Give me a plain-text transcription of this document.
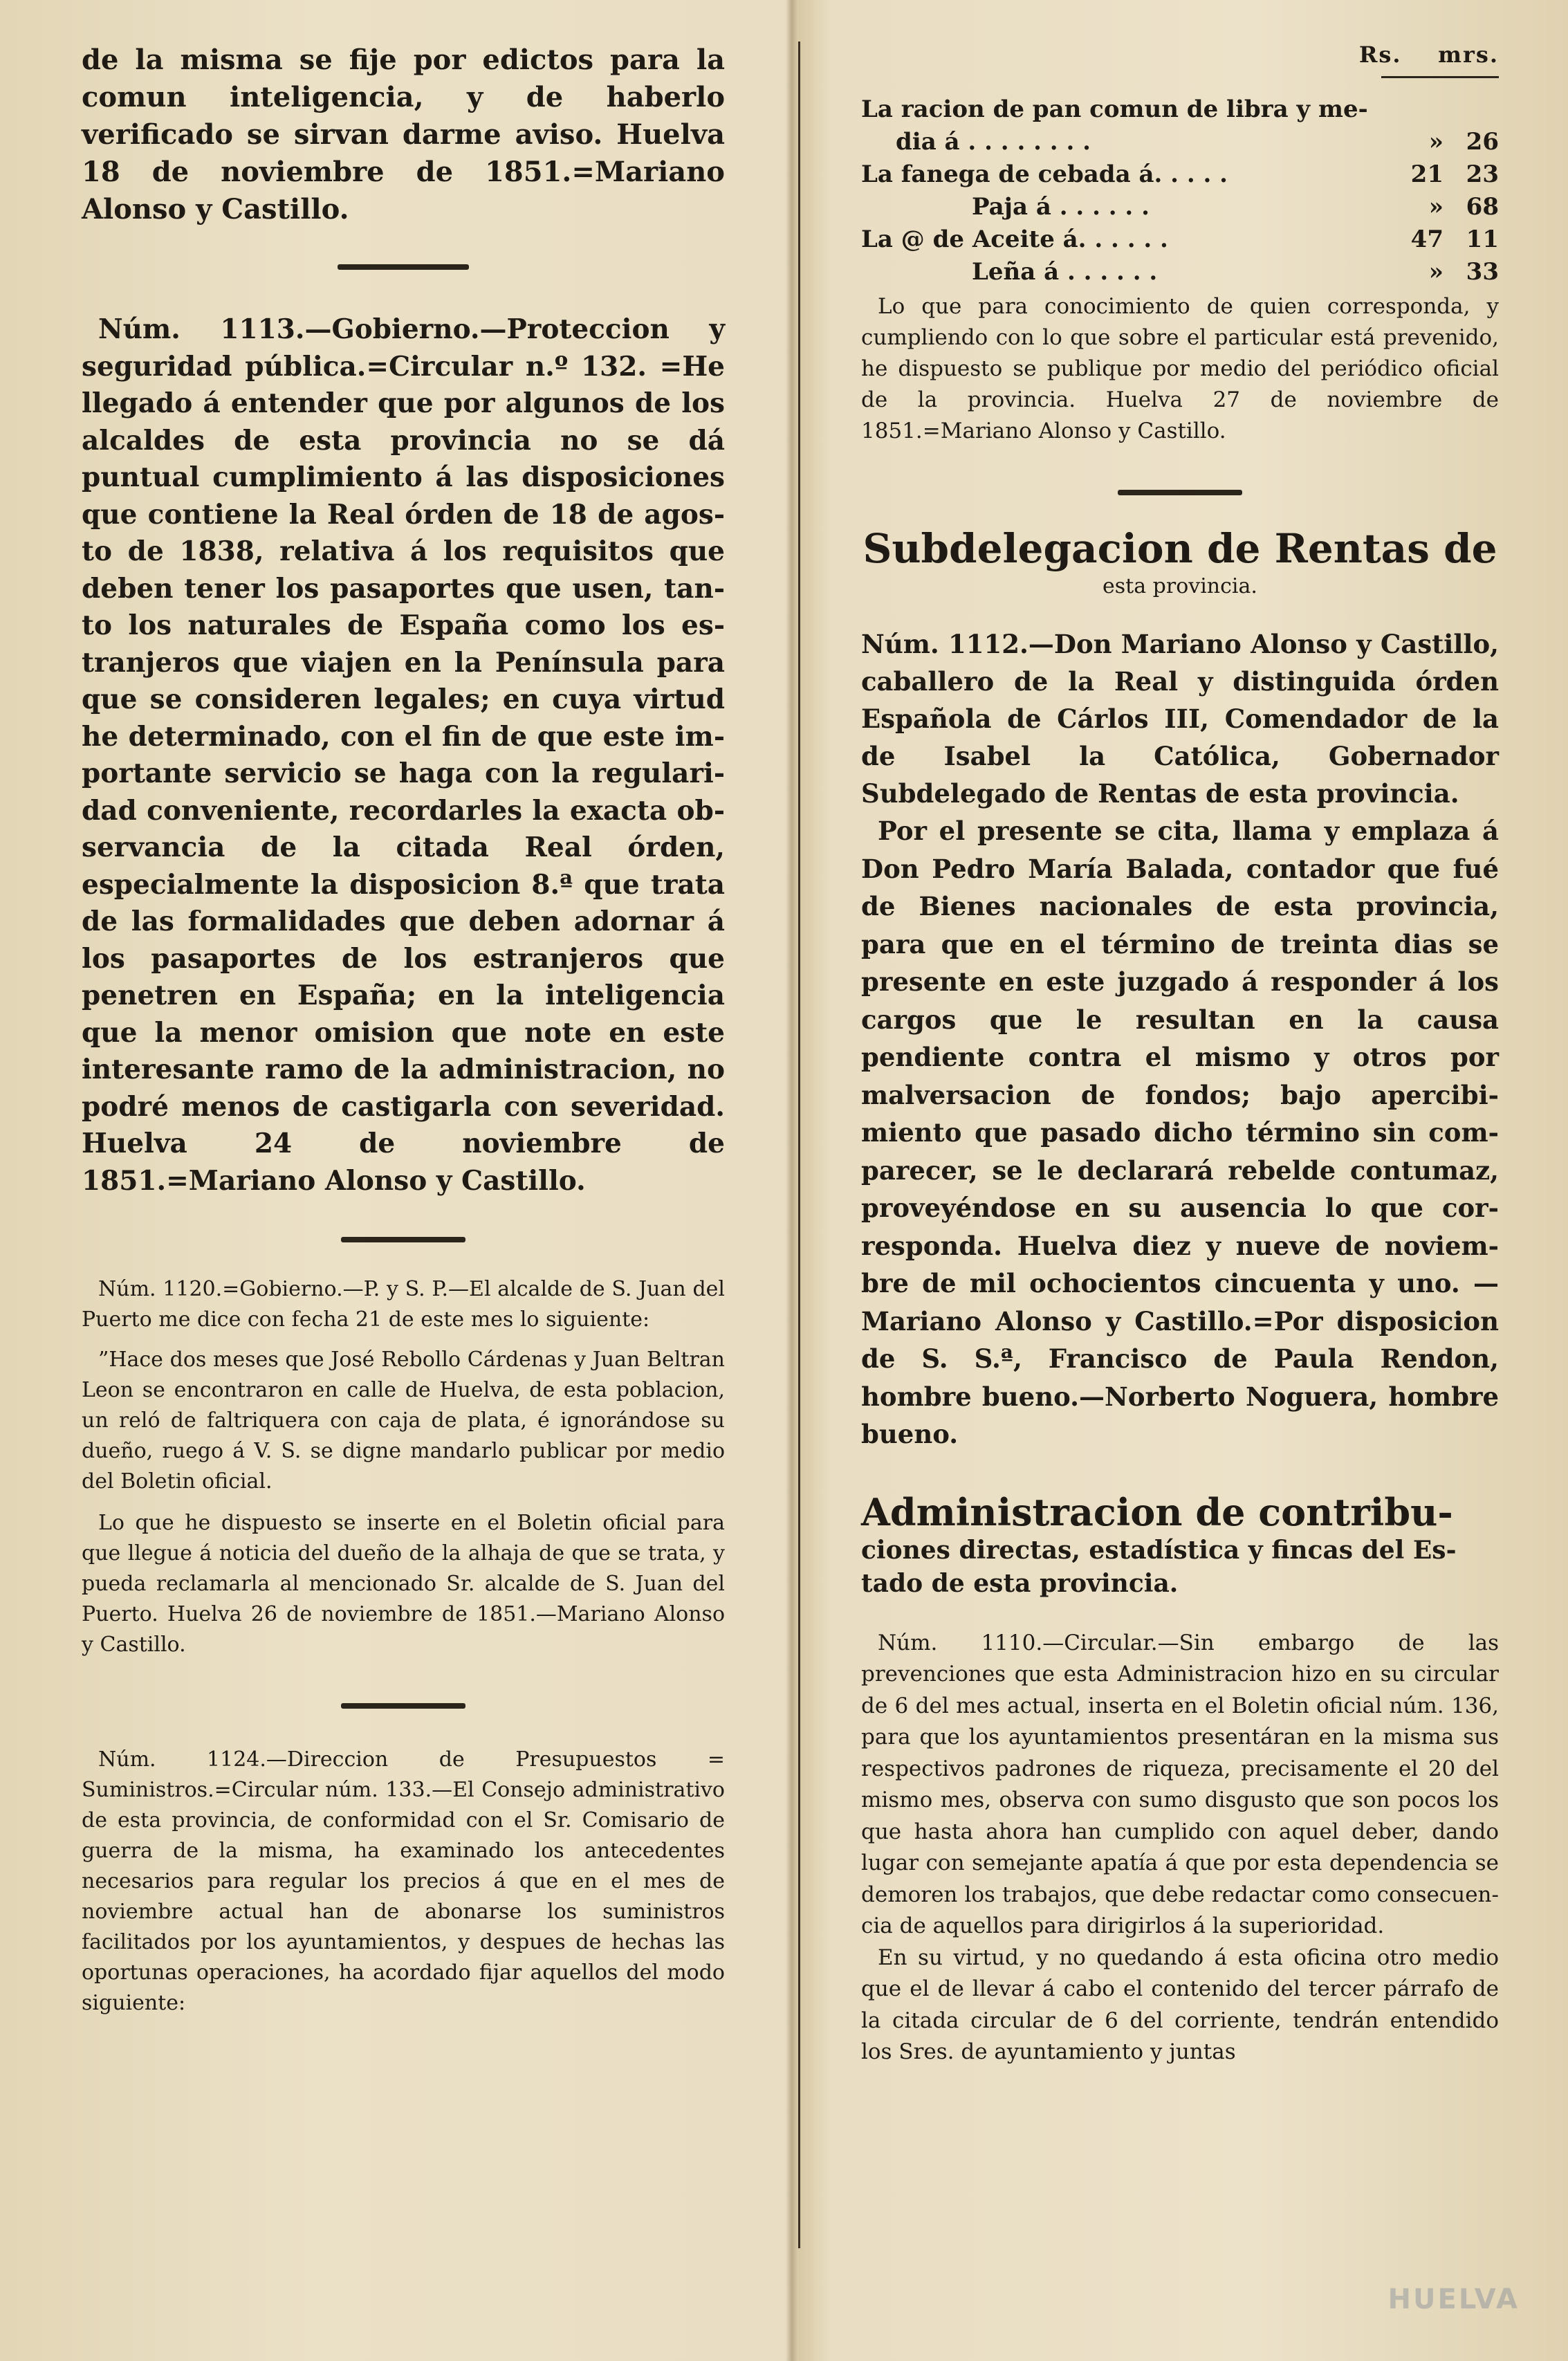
de la misma se fije por edictos para la comun inteligencia, y de haberlo verificado se sirvan darme aviso. Huelva 18 de noviembre de 1851.=Mariano Alonso y Castillo.

Núm. 1113.—Gobierno.—Proteccion y seguridad pública.=Circular n.º 132. =He llegado á entender que por algunos de los alcaldes de esta provincia no se dá puntual cumplimiento á las disposiciones que contiene la Real órden de 18 de agosto de 1838, relativa á los requisitos que deben tener los pasaportes que usen, tanto los naturales de España como los estranjeros que viajen en la Península para que se consideren legales; en cuya virtud he determinado, con el fin de que este importante servicio se haga con la regularidad conveniente, recordarles la exacta observancia de la citada Real órden, especialmente la disposicion 8.ª que trata de las formalidades que deben adornar á los pasaportes de los estranjeros que penetren en España; en la inteligencia que la menor omision que note en este interesante ramo de la administracion, no podré menos de castigarla con severidad. Huelva 24 de noviembre de 1851.=Mariano Alonso y Castillo.

Núm. 1120.=Gobierno.—P. y S. P.—El alcalde de S. Juan del Puerto me dice con fecha 21 de este mes lo siguiente:

”Hace dos meses que José Rebollo Cárdenas y Juan Beltran Leon se encontraron en calle de Huelva, de esta poblacion, un reló de faltriquera con caja de plata, é ignorándose su dueño, ruego á V. S. se digne mandarlo publicar por medio del Boletin oficial.

Lo que he dispuesto se inserte en el Boletin oficial para que llegue á noticia del dueño de la alhaja de que se trata, y pueda reclamarla al mencionado Sr. alcalde de S. Juan del Puerto. Huelva 26 de noviembre de 1851.—Mariano Alonso y Castillo.

Núm. 1124.—Direccion de Presupuestos = Suministros.=Circular núm. 133.—El Consejo administrativo de esta provincia, de conformidad con el Sr. Comisario de guerra de la misma, ha examinado los antecedentes necesarios para regular los precios á que en el mes de noviembre actual han de abonarse los suministros facilitados por los ayuntamientos, y despues de hechas las oportunas operaciones, ha acordado fijar aquellos del modo siguiente:

Rs. mrs.
La racion de pan comun de libra y me-		
dia á . . . . . . . .	»	26
La fanega de cebada á. . . . .	21	23
Paja á . . . . . .	»	68
La @ de Aceite á. . . . . .	47	11
Leña á . . . . . .	»	33

Lo que para conocimiento de quien corresponda, y cumpliendo con lo que sobre el particular está prevenido, he dispuesto se publique por medio del periódico oficial de la provincia. Huelva 27 de noviembre de 1851.=Mariano Alonso y Castillo.

Subdelegacion de Rentas de
esta provincia.

Núm. 1112.—Don Mariano Alonso y Castillo, caballero de la Real y distinguida órden Española de Cárlos III, Comendador de la de Isabel la Católica, Gobernador Subdelegado de Rentas de esta provincia.

Por el presente se cita, llama y emplaza á Don Pedro María Balada, contador que fué de Bienes nacionales de esta provincia, para que en el término de treinta dias se presente en este juzgado á responder á los cargos que le resultan en la causa pendiente contra el mismo y otros por malversacion de fondos; bajo apercibimiento que pasado dicho término sin comparecer, se le declarará rebelde contumaz, proveyéndose en su ausencia lo que corresponda. Huelva diez y nueve de noviembre de mil ochocientos cincuenta y uno. —Mariano Alonso y Castillo.=Por disposicion de S. S.ª, Francisco de Paula Rendon, hombre bueno.—Norberto Noguera, hombre bueno.

Administracion de contribu-
ciones directas, estadística y fincas del Estado de esta provincia.

Núm. 1110.—Circular.—Sin embargo de las prevenciones que esta Administracion hizo en su circular de 6 del mes actual, inserta en el Boletin oficial núm. 136, para que los ayuntamientos presentáran en la misma sus respectivos padrones de riqueza, precisamente el 20 del mismo mes, observa con sumo disgusto que son pocos los que hasta ahora han cumplido con aquel deber, dando lugar con semejante apatía á que por esta dependencia se demoren los trabajos, que debe redactar como consecuencia de aquellos para dirigirlos á la superioridad.

En su virtud, y no quedando á esta oficina otro medio que el de llevar á cabo el contenido del tercer párrafo de la citada circular de 6 del corriente, tendrán entendido los Sres. de ayuntamiento y juntas

HUELVA
